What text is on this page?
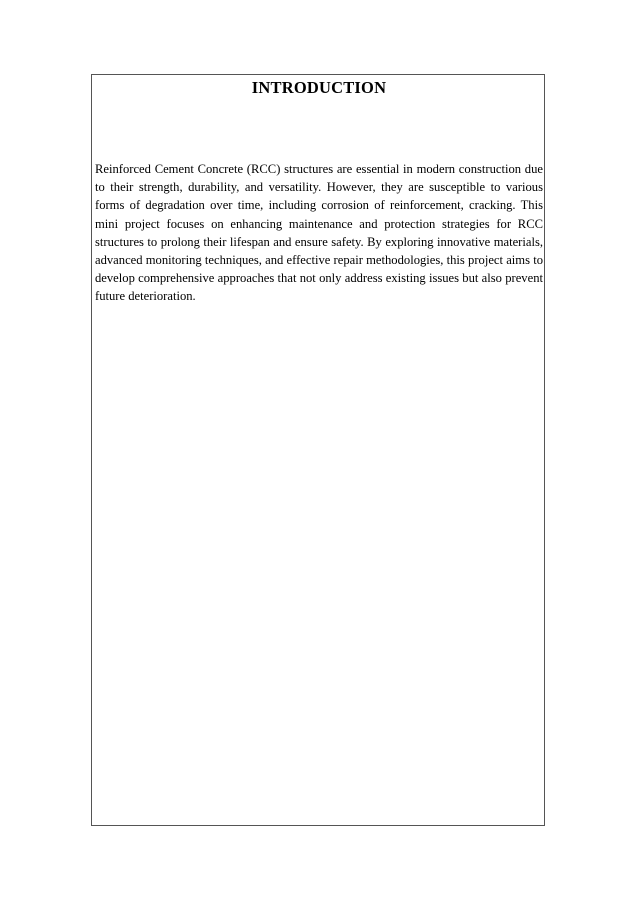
INTRODUCTION

Reinforced Cement Concrete (RCC) structures are essential in modern construction due to their strength, durability, and versatility. However, they are susceptible to various forms of degradation over time, including corrosion of reinforcement, cracking. This mini project focuses on enhancing maintenance and protection strategies for RCC structures to prolong their lifespan and ensure safety. By exploring innovative materials, advanced monitoring techniques, and effective repair methodologies, this project aims to develop comprehensive approaches that not only address existing issues but also prevent future deterioration.
